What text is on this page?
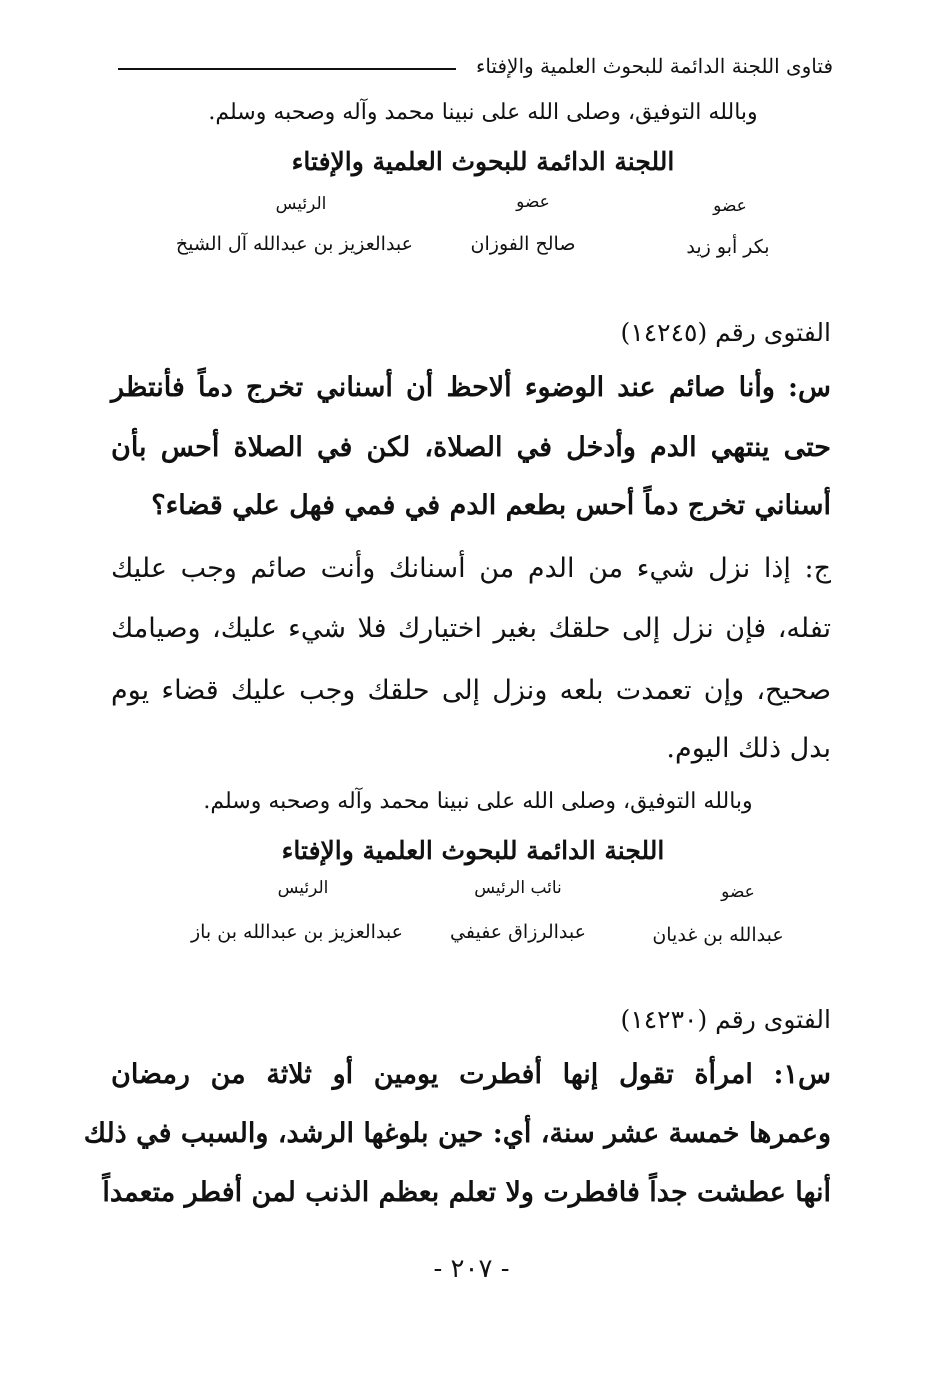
فتاوى اللجنة الدائمة للبحوث العلمية والإفتاء
وبالله التوفيق، وصلى الله على نبينا محمد وآله وصحبه وسلم.
اللجنة الدائمة للبحوث العلمية والإفتاء
عضو
عضو
الرئيس
بكر أبو زيد
صالح الفوزان
عبدالعزيز بن عبدالله آل الشيخ
الفتوى رقم (١٤٢٤٥)
س: وأنا صائم عند الوضوء ألاحظ أن أسناني تخرج دماً فأنتظر
حتى ينتهي الدم وأدخل في الصلاة، لكن في الصلاة أحس بأن
أسناني تخرج دماً أحس بطعم الدم في فمي فهل علي قضاء؟
ج: إذا نزل شيء من الدم من أسنانك وأنت صائم وجب عليك
تفله، فإن نزل إلى حلقك بغير اختيارك فلا شيء عليك، وصيامك
صحيح، وإن تعمدت بلعه ونزل إلى حلقك وجب عليك قضاء يوم
بدل ذلك اليوم.
وبالله التوفيق، وصلى الله على نبينا محمد وآله وصحبه وسلم.
اللجنة الدائمة للبحوث العلمية والإفتاء
عضو
نائب الرئيس
الرئيس
عبدالله بن غديان
عبدالرزاق عفيفي
عبدالعزيز بن عبدالله بن باز
الفتوى رقم (١٤٢٣٠)
س١: امرأة تقول إنها أفطرت يومين أو ثلاثة من رمضان
وعمرها خمسة عشر سنة، أي: حين بلوغها الرشد، والسبب في ذلك
أنها عطشت جداً فافطرت ولا تعلم بعظم الذنب لمن أفطر متعمداً
- ٢٠٧ -
